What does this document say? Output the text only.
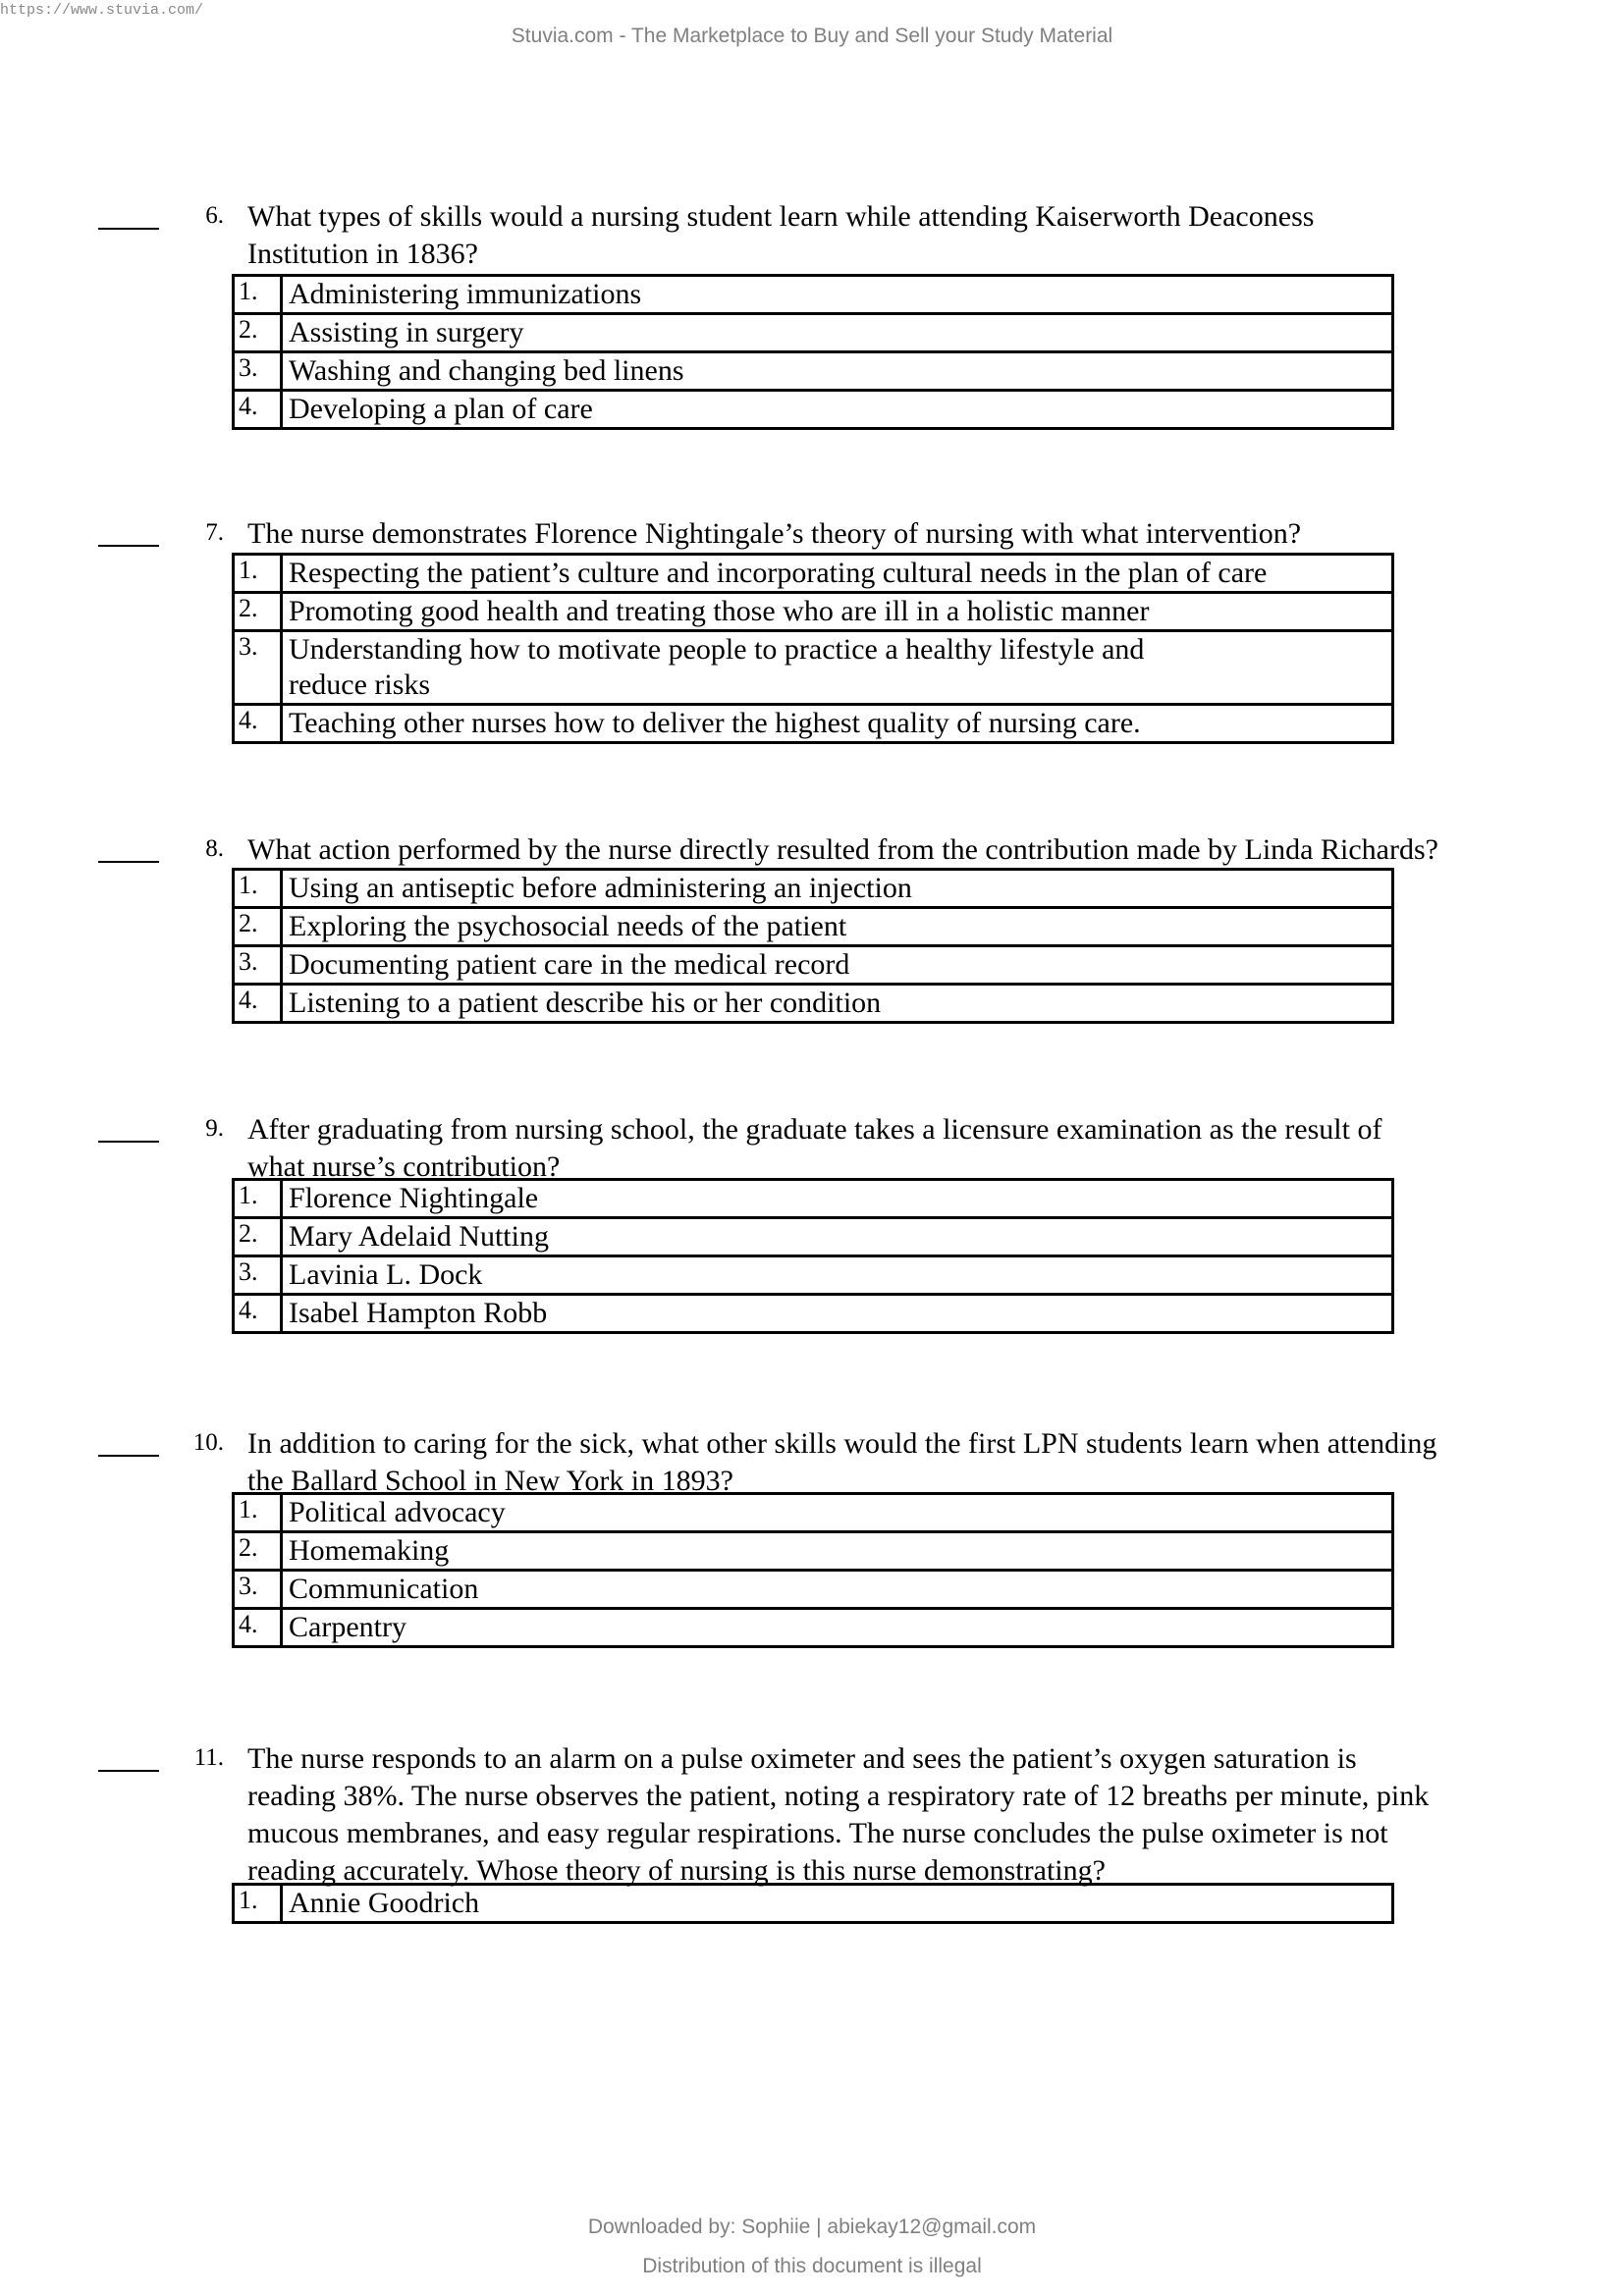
https://www.stuvia.com/
Stuvia.com - The Marketplace to Buy and Sell your Study Material
6. What types of skills would a nursing student learn while attending Kaiserworth Deaconess
Institution in 1836?
1.	Administering immunizations
2.	Assisting in surgery
3.	Washing and changing bed linens
4.	Developing a plan of care
7. The nurse demonstrates Florence Nightingale’s theory of nursing with what intervention?
1.	Respecting the patient’s culture and incorporating cultural needs in the plan of care
2.	Promoting good health and treating those who are ill in a holistic manner
3.	Understanding how to motivate people to practice a healthy lifestyle and reduce risks
4.	Teaching other nurses how to deliver the highest quality of nursing care.
8. What action performed by the nurse directly resulted from the contribution made by Linda Richards?
1.	Using an antiseptic before administering an injection
2.	Exploring the psychosocial needs of the patient
3.	Documenting patient care in the medical record
4.	Listening to a patient describe his or her condition
9. After graduating from nursing school, the graduate takes a licensure examination as the result of
what nurse’s contribution?
1.	Florence Nightingale
2.	Mary Adelaid Nutting
3.	Lavinia L. Dock
4.	Isabel Hampton Robb
10. In addition to caring for the sick, what other skills would the first LPN students learn when attending
the Ballard School in New York in 1893?
1.	Political advocacy
2.	Homemaking
3.	Communication
4.	Carpentry
11. The nurse responds to an alarm on a pulse oximeter and sees the patient’s oxygen saturation is
reading 38%. The nurse observes the patient, noting a respiratory rate of 12 breaths per minute, pink
mucous membranes, and easy regular respirations. The nurse concludes the pulse oximeter is not
reading accurately. Whose theory of nursing is this nurse demonstrating?
1.	Annie Goodrich
Downloaded by: Sophiie | abiekay12@gmail.com
Distribution of this document is illegal
